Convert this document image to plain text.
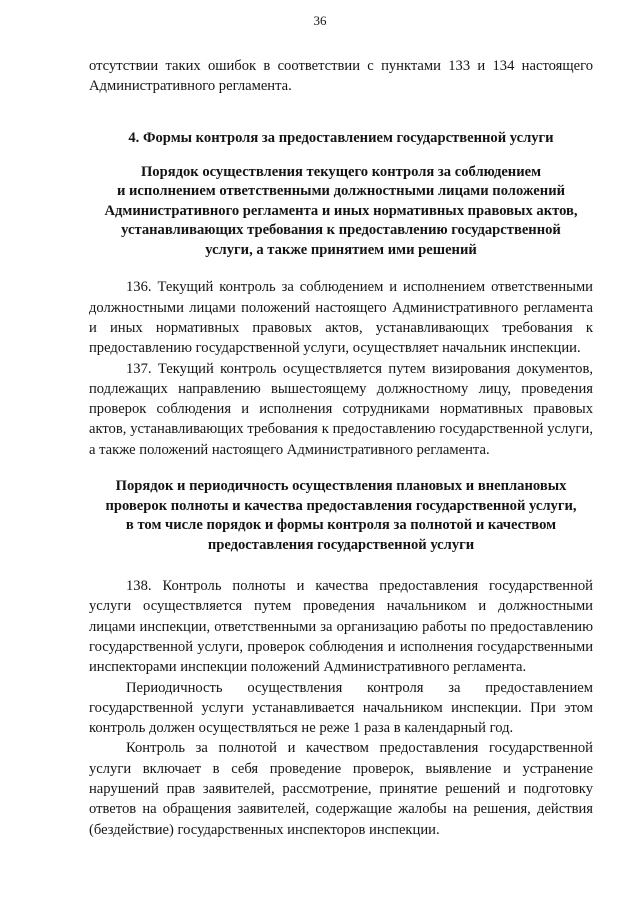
36

отсутствии таких ошибок в соответствии с пунктами 133 и 134 настоящего Административного регламента.

4. Формы контроля за предоставлением государственной услуги

Порядок осуществления текущего контроля за соблюдением
и исполнением ответственными должностными лицами положений
Административного регламента и иных нормативных правовых актов,
устанавливающих требования к предоставлению государственной
услуги, а также принятием ими решений

136. Текущий контроль за соблюдением и исполнением ответственными должностными лицами положений настоящего Административного регламента и иных нормативных правовых актов, устанавливающих требования к предоставлению государственной услуги, осуществляет начальник инспекции.

137. Текущий контроль осуществляется путем визирования документов, подлежащих направлению вышестоящему должностному лицу, проведения проверок соблюдения и исполнения сотрудниками нормативных правовых актов, устанавливающих требования к предоставлению государственной услуги, а также положений настоящего Административного регламента.

Порядок и периодичность осуществления плановых и внеплановых
проверок полноты и качества предоставления государственной услуги,
в том числе порядок и формы контроля за полнотой и качеством
предоставления государственной услуги

138. Контроль полноты и качества предоставления государственной услуги осуществляется путем проведения начальником и должностными лицами инспекции, ответственными за организацию работы по предоставлению государственной услуги, проверок соблюдения и исполнения государственными инспекторами инспекции положений Административного регламента.

Периодичность осуществления контроля за предоставлением государственной услуги устанавливается начальником инспекции. При этом контроль должен осуществляться не реже 1 раза в календарный год.

Контроль за полнотой и качеством предоставления государственной услуги включает в себя проведение проверок, выявление и устранение нарушений прав заявителей, рассмотрение, принятие решений и подготовку ответов на обращения заявителей, содержащие жалобы на решения, действия (бездействие) государственных инспекторов инспекции.
